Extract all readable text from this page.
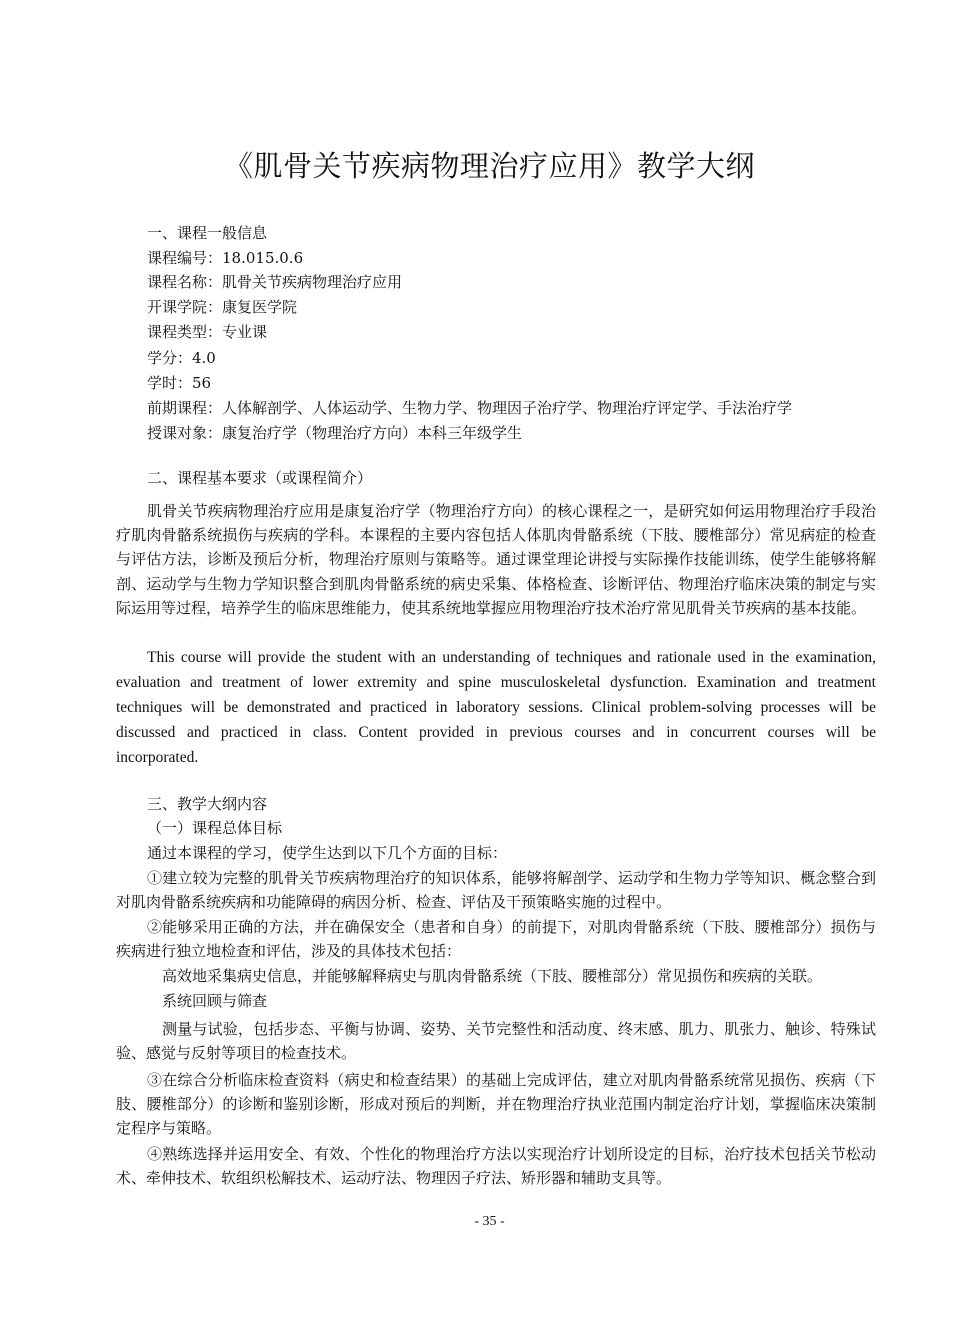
《肌骨关节疾病物理治疗应用》教学大纲
一、课程一般信息
课程编号：18.015.0.6
课程名称：肌骨关节疾病物理治疗应用
开课学院：康复医学院
课程类型：专业课
学分：4.0
学时：56
前期课程：人体解剖学、人体运动学、生物力学、物理因子治疗学、物理治疗评定学、手法治疗学
授课对象：康复治疗学（物理治疗方向）本科三年级学生
二、课程基本要求（或课程简介）

肌骨关节疾病物理治疗应用是康复治疗学（物理治疗方向）的核心课程之一，是研究如何运用物理治疗手段治疗肌肉骨骼系统损伤与疾病的学科。本课程的主要内容包括人体肌肉骨骼系统（下肢、腰椎部分）常见病症的检查与评估方法，诊断及预后分析，物理治疗原则与策略等。通过课堂理论讲授与实际操作技能训练，使学生能够将解剖、运动学与生物力学知识整合到肌肉骨骼系统的病史采集、体格检查、诊断评估、物理治疗临床决策的制定与实际运用等过程，培养学生的临床思维能力，使其系统地掌握应用物理治疗技术治疗常见肌骨关节疾病的基本技能。

This course will provide the student with an understanding of techniques and rationale used in the examination, evaluation and treatment of lower extremity and spine musculoskeletal dysfunction. Examination and treatment techniques will be demonstrated and practiced in laboratory sessions. Clinical problem-solving processes will be discussed and practiced in class. Content provided in previous courses and in concurrent courses will be incorporated.

三、教学大纲内容
（一）课程总体目标
通过本课程的学习，使学生达到以下几个方面的目标：

①建立较为完整的肌骨关节疾病物理治疗的知识体系，能够将解剖学、运动学和生物力学等知识、概念整合到对肌肉骨骼系统疾病和功能障碍的病因分析、检查、评估及干预策略实施的过程中。

②能够采用正确的方法，并在确保安全（患者和自身）的前提下，对肌肉骨骼系统（下肢、腰椎部分）损伤与疾病进行独立地检查和评估，涉及的具体技术包括：

高效地采集病史信息，并能够解释病史与肌肉骨骼系统（下肢、腰椎部分）常见损伤和疾病的关联。
系统回顾与筛查

测量与试验，包括步态、平衡与协调、姿势、关节完整性和活动度、终末感、肌力、肌张力、触诊、特殊试验、感觉与反射等项目的检查技术。

③在综合分析临床检查资料（病史和检查结果）的基础上完成评估，建立对肌肉骨骼系统常见损伤、疾病（下肢、腰椎部分）的诊断和鉴别诊断，形成对预后的判断，并在物理治疗执业范围内制定治疗计划，掌握临床决策制定程序与策略。

④熟练选择并运用安全、有效、个性化的物理治疗方法以实现治疗计划所设定的目标，治疗技术包括关节松动术、牵伸技术、软组织松解技术、运动疗法、物理因子疗法、矫形器和辅助支具等。

- 35 -
